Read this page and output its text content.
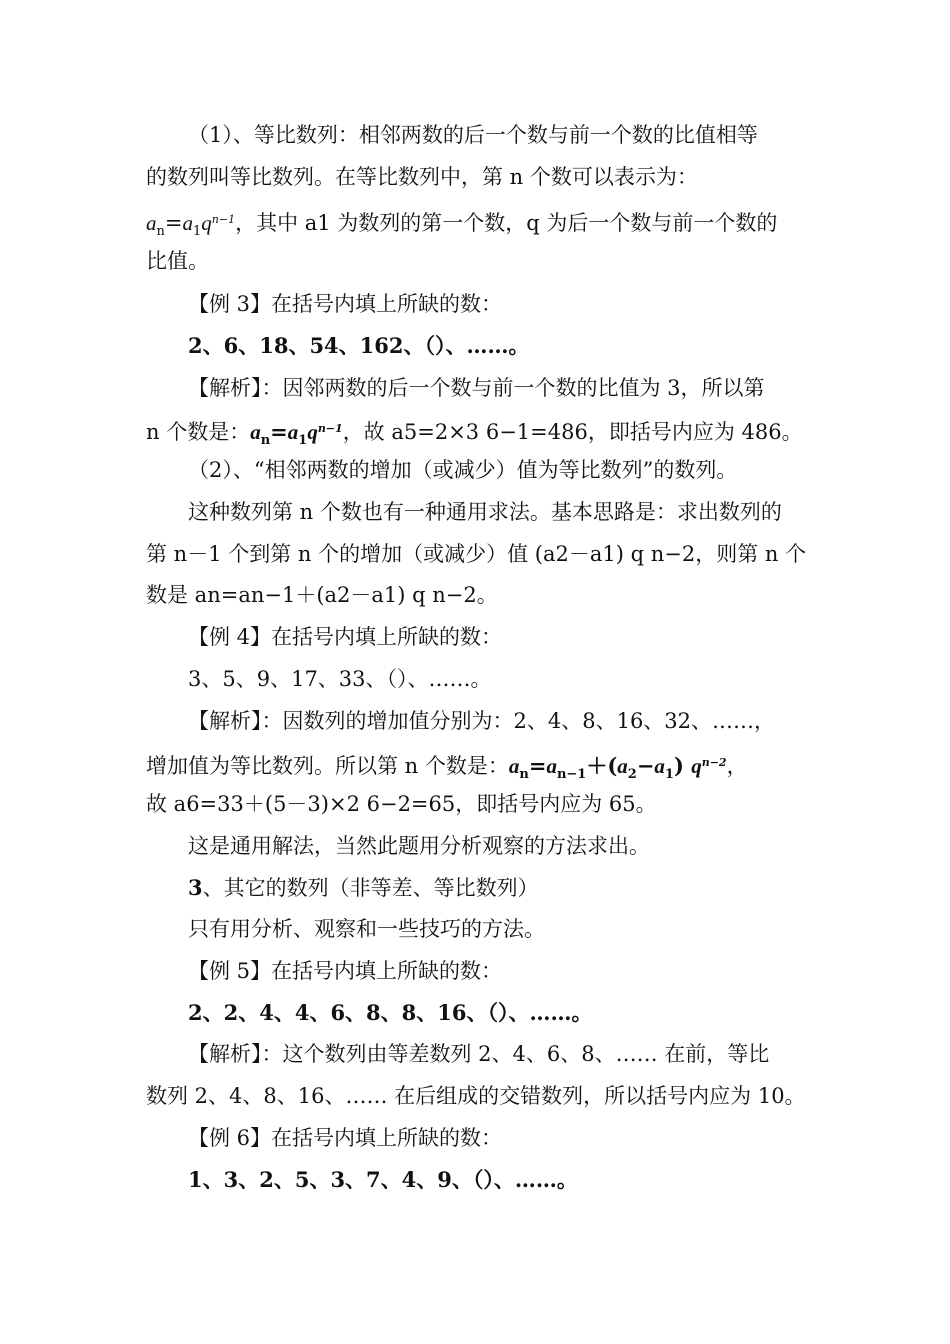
（1）、等比数列：相邻两数的后一个数与前一个数的比值相等
的数列叫等比数列。在等比数列中，第 n 个数可以表示为：
$a_n=a_1q^{n-1}$，其中 a1 为数列的第一个数，q 为后一个数与前一个数的
比值。
【例 3】在括号内填上所缺的数：
2、6、18、54、162、（）、……。
【解析】：因邻两数的后一个数与前一个数的比值为 3，所以第
n 个数是：$a_n=a_1q^{n-1}$，故 a5=2×3 6−1=486，即括号内应为 486。
（2）、“相邻两数的增加（或减少）值为等比数列”的数列。
这种数列第 n 个数也有一种通用求法。基本思路是：求出数列的
第 n－1 个到第 n 个的增加（或减少）值 (a2－a1) q n−2，则第 n 个
数是 an=an−1＋(a2－a1) q n−2。
【例 4】在括号内填上所缺的数：
3、5、9、17、33、（）、……。
【解析】：因数列的增加值分别为：2、4、8、16、32、……，
增加值为等比数列。所以第 n 个数是：$a_n=a_{n-1}+(a_2-a_1)$ $q^{n-2}$，
故 a6=33＋(5－3)×2 6−2=65，即括号内应为 65。
这是通用解法，当然此题用分析观察的方法求出。
3、其它的数列（非等差、等比数列）
只有用分析、观察和一些技巧的方法。
【例 5】在括号内填上所缺的数：
2、2、4、4、6、8、8、16、（）、……。
【解析】：这个数列由等差数列 2、4、6、8、…… 在前，等比
数列 2、4、8、16、…… 在后组成的交错数列，所以括号内应为 10。
【例 6】在括号内填上所缺的数：
1、3、2、5、3、7、4、9、（）、……。
